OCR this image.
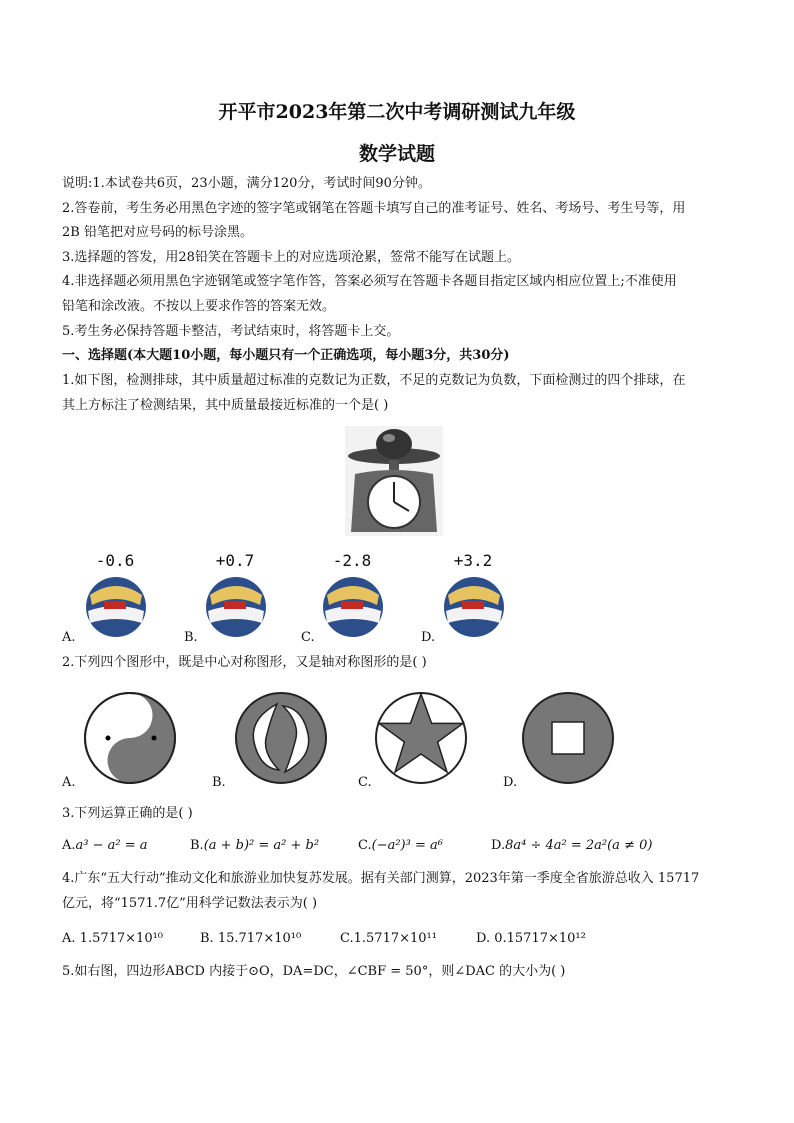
开平市2023年第二次中考调研测试九年级
数学试题
说明:1.本试卷共6页，23小题，满分120分，考试时间90分钟。
2.答卷前，考生务必用黑色字迹的签字笔或钢笔在答题卡填写自己的准考证号、姓名、考场号、考生号等，用
2B 铅笔把对应号码的标号涂黑。
3.选择题的答发，用28铅笑在答题卡上的对应选项沧累，签常不能写在试题上。
4.非选择题必须用黑色字迹钢笔或签字笔作答，答案必须写在答题卡各题目指定区域内相应位置上;不准使用
铅笔和涂改液。不按以上要求作答的答案无效。
5.考生务必保持答题卡整洁，考试结束时，将答题卡上交。
一、选择题(本大题10小题，每小题只有一个正确选项，每小题3分，共30分)
1.如下图，检测排球，其中质量超过标准的克数记为正数，不足的克数记为负数，下面检测过的四个排球，在
其上方标注了检测结果，其中质量最接近标准的一个是( )
-0.6	+0.7	-2.8	+3.2
A.	B.	C.	D.
2.下列四个图形中，既是中心对称图形，又是轴对称图形的是( )
A.	B.	C.	D.
3.下列运算正确的是( )
A.a³ − a² = a	B.(a + b)² = a² + b²	C.(−a²)³ = a⁶	D.8a⁴ ÷ 4a² = 2a²(a ≠ 0)
4.广东“五大行动”推动文化和旅游业加快复苏发展。据有关部门测算，2023年第一季度全省旅游总收入 15717
亿元，将“1571.7亿”用科学记数法表示为( )
A. 1.5717×10¹⁰	B. 15.717×10¹⁰	C.1.5717×10¹¹	D. 0.15717×10¹²
5.如右图，四边形ABCD 内接于⊙O，DA=DC，∠CBF = 50°，则∠DAC 的大小为( )
